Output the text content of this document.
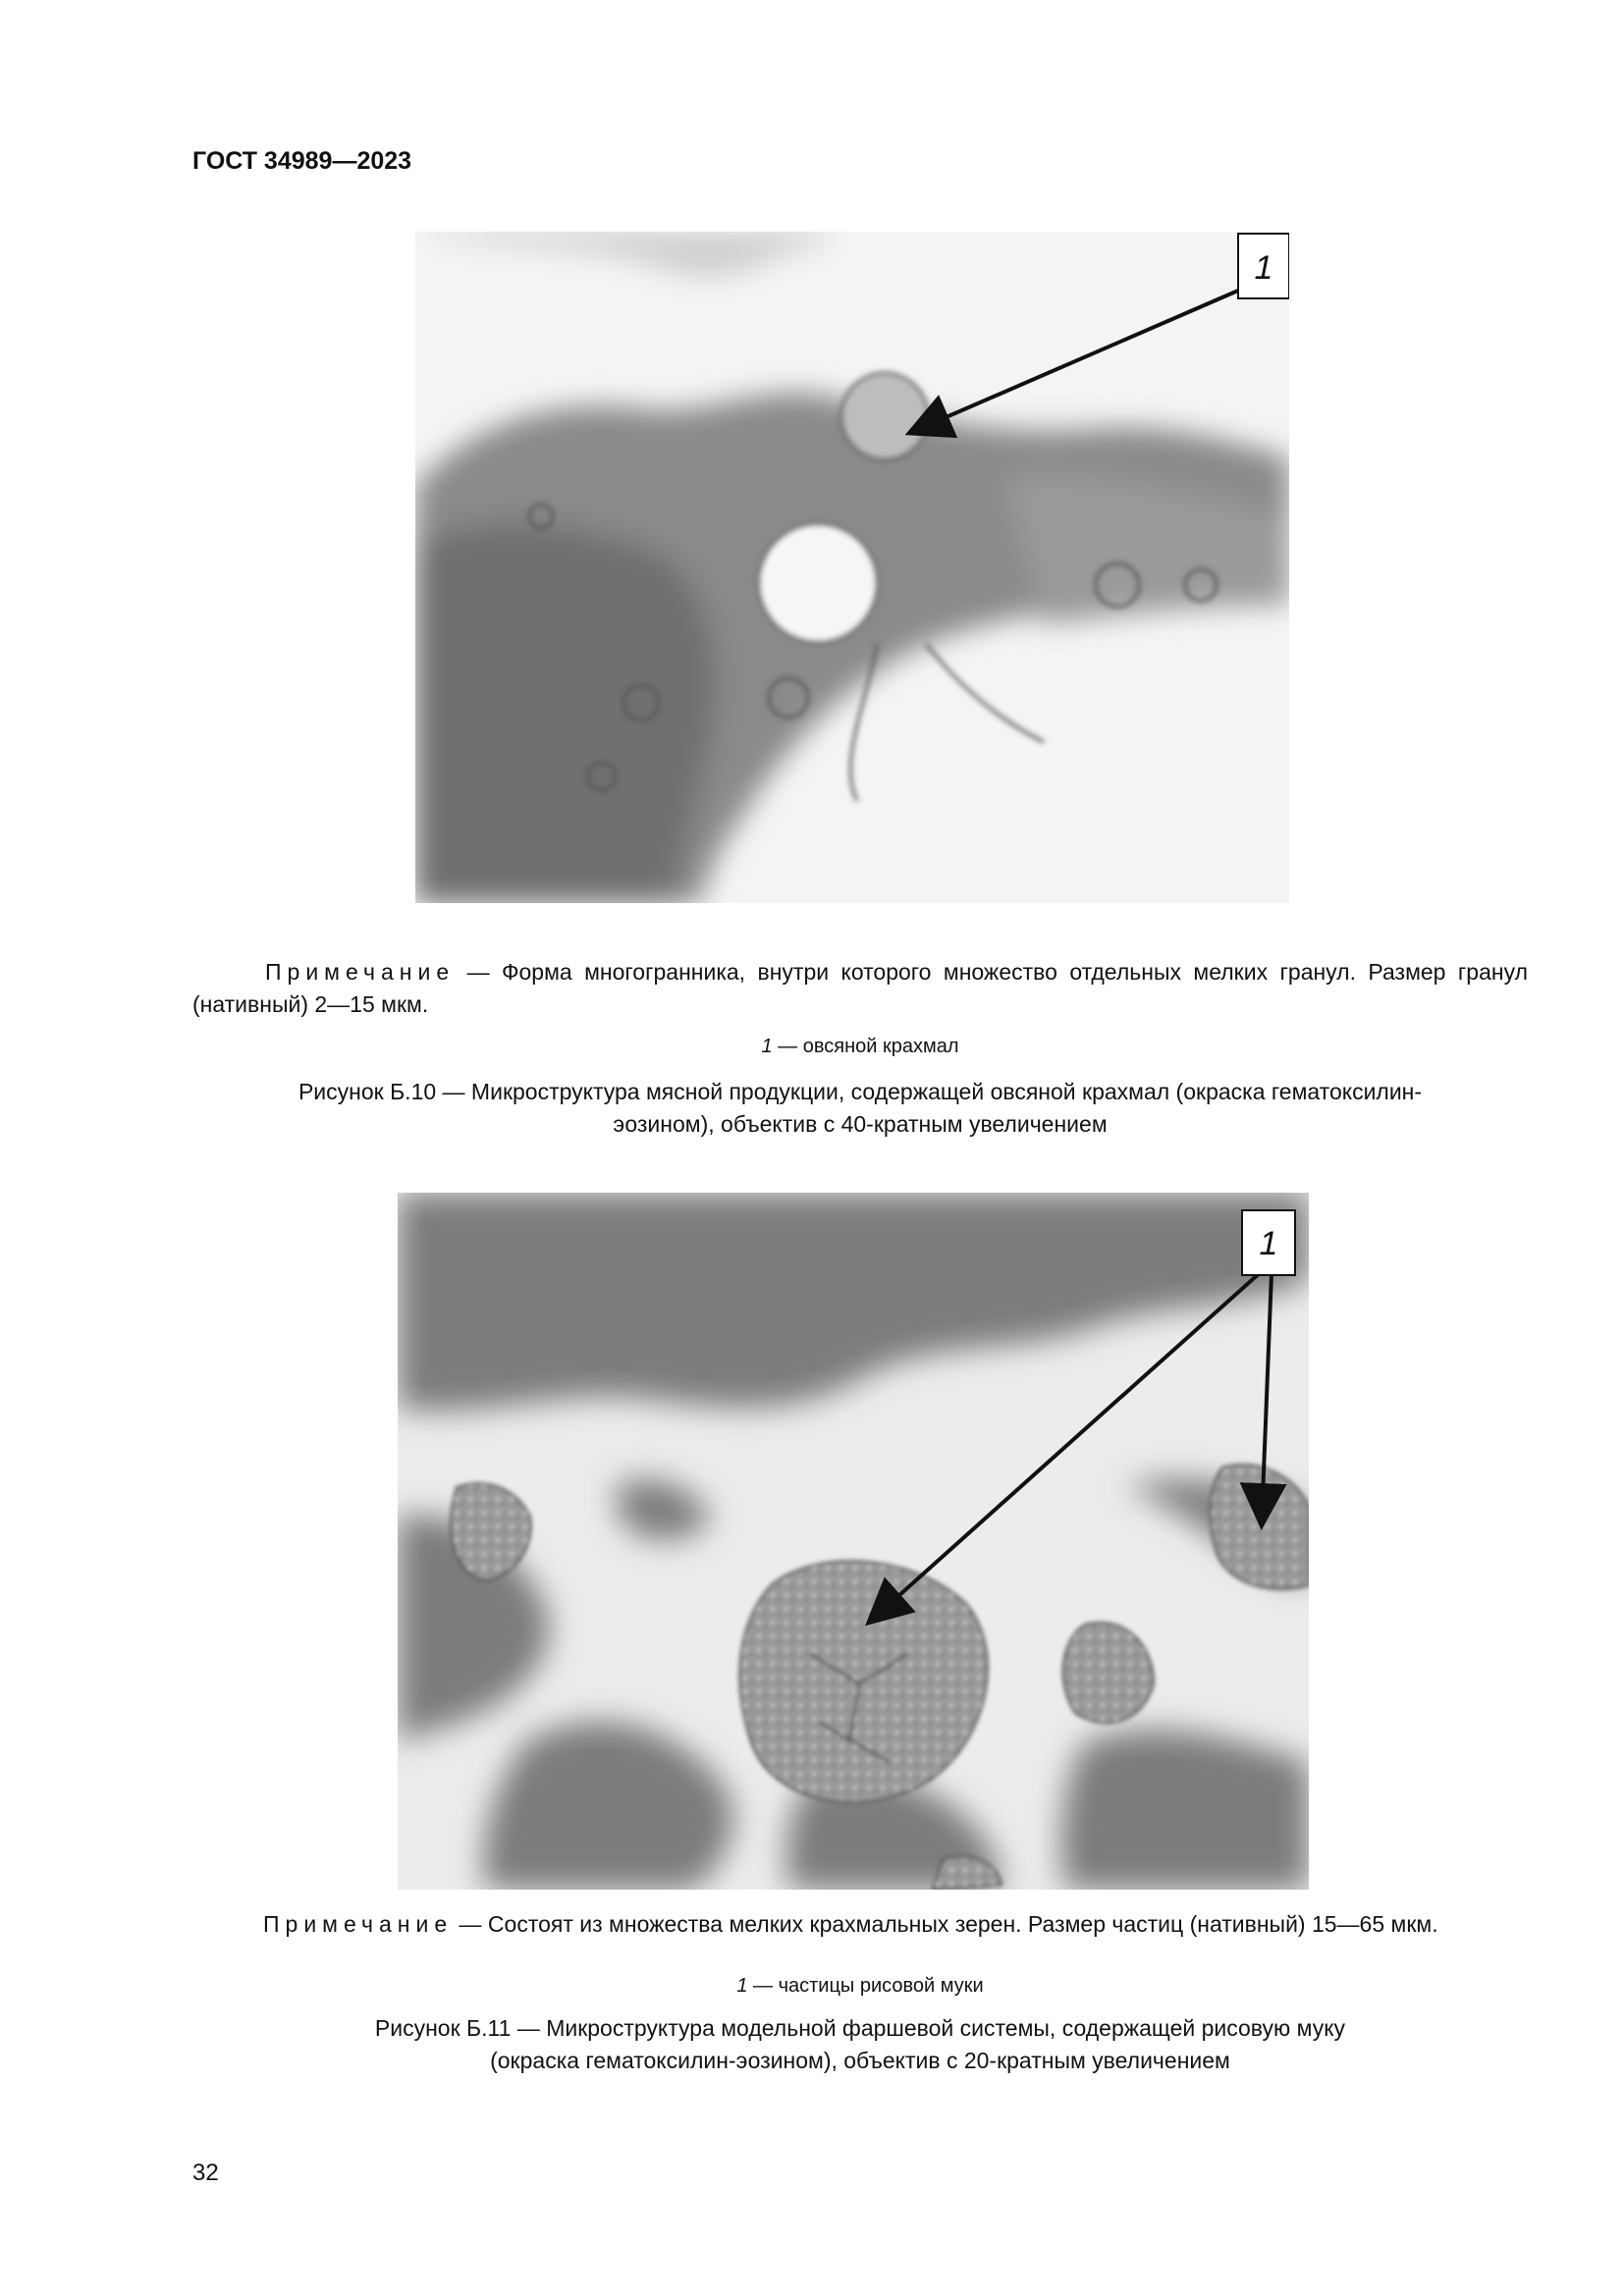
ГОСТ 34989—2023
1
Примечание — Форма многогранника, внутри которого множество отдельных мелких гранул. Размер гранул (нативный) 2—15 мкм.
1 — овсяной крахмал
Рисунок Б.10 — Микроструктура мясной продукции, содержащей овсяной крахмал (окраска гематоксилин-
эозином), объектив с 40-кратным увеличением
1
Примечание — Состоят из множества мелких крахмальных зерен. Размер частиц (нативный) 15—65 мкм.
1 — частицы рисовой муки
Рисунок Б.11 — Микроструктура модельной фаршевой системы, содержащей рисовую муку
(окраска гематоксилин-эозином), объектив с 20-кратным увеличением
32
